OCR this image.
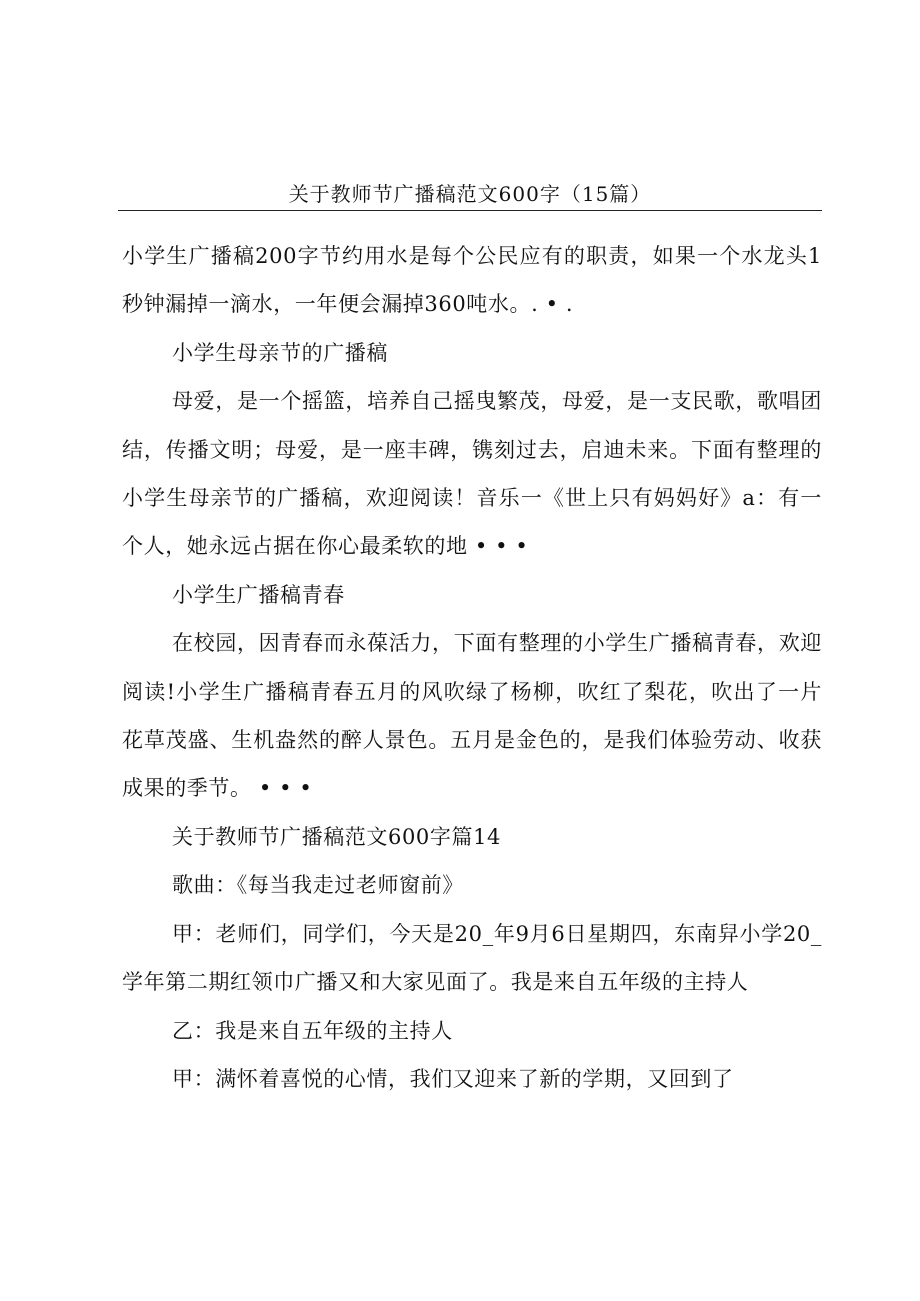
关于教师节广播稿范文600字（15篇）

小学生广播稿200字节约用水是每个公民应有的职责，如果一个水龙头1秒钟漏掉一滴水，一年便会漏掉360吨水。. • .

小学生母亲节的广播稿

母爱，是一个摇篮，培养自己摇曳繁茂，母爱，是一支民歌，歌唱团结，传播文明；母爱，是一座丰碑，镌刻过去，启迪未来。下面有整理的小学生母亲节的广播稿，欢迎阅读！音乐一《世上只有妈妈好》a：有一个人，她永远占据在你心最柔软的地 • • •

小学生广播稿青春

在校园，因青春而永葆活力，下面有整理的小学生广播稿青春，欢迎阅读!小学生广播稿青春五月的风吹绿了杨柳，吹红了梨花，吹出了一片花草茂盛、生机盎然的醉人景色。五月是金色的，是我们体验劳动、收获成果的季节。 • • •

关于教师节广播稿范文600字篇14

歌曲：《每当我走过老师窗前》

甲：老师们，同学们，今天是20_年9月6日星期四，东南舁小学20_学年第二期红领巾广播又和大家见面了。我是来自五年级的主持人

乙：我是来自五年级的主持人

甲：满怀着喜悦的心情，我们又迎来了新的学期，又回到了
